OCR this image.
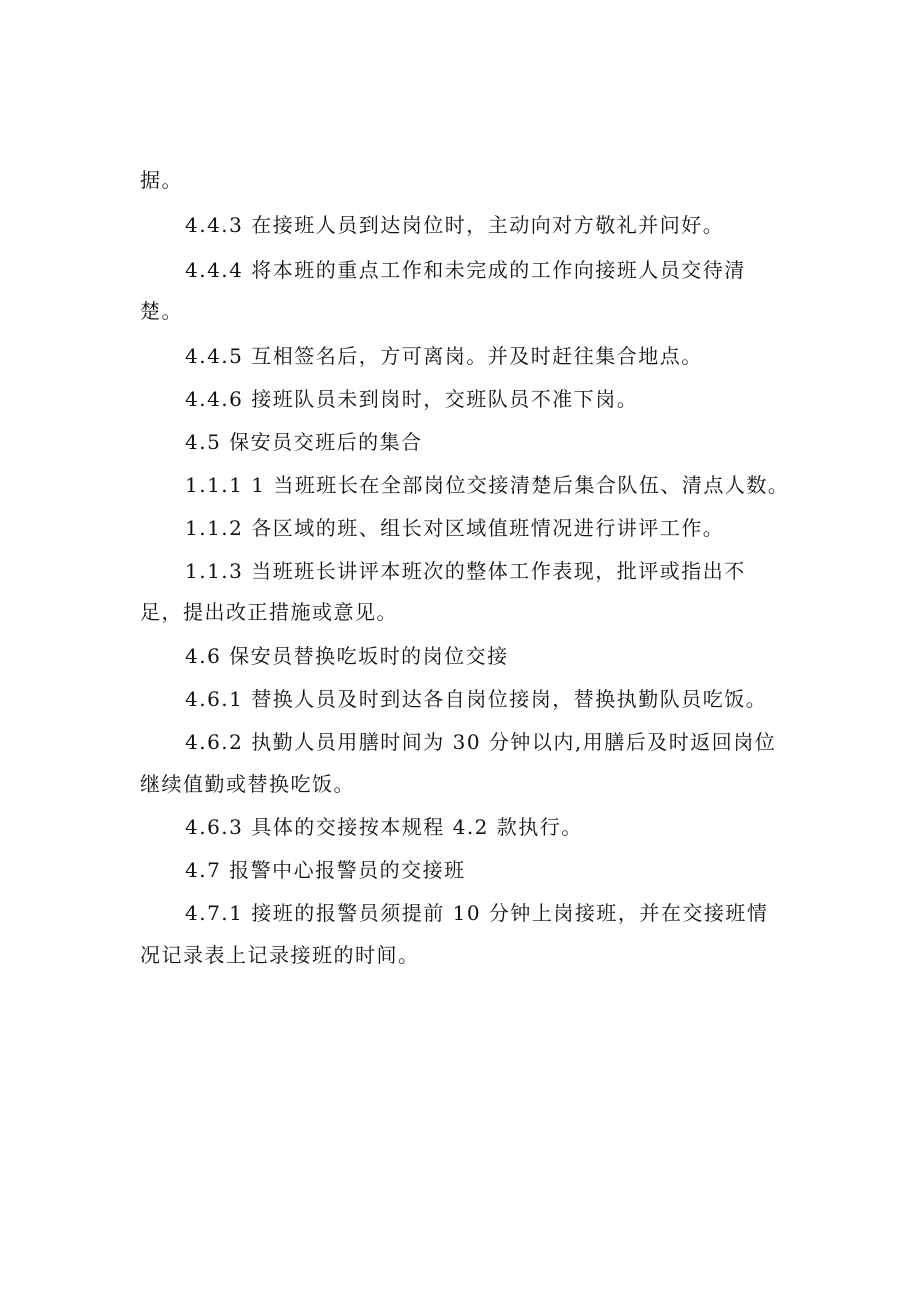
据。
4.4.3 在接班人员到达岗位时，主动向对方敬礼并问好。
4.4.4 将本班的重点工作和未完成的工作向接班人员交待清
楚。
4.4.5 互相签名后，方可离岗。并及时赶往集合地点。
4.4.6 接班队员未到岗时，交班队员不准下岗。
4.5 保安员交班后的集合
1.1.1 1 当班班长在全部岗位交接清楚后集合队伍、清点人数。
1.1.2 各区域的班、组长对区域值班情况进行讲评工作。
1.1.3 当班班长讲评本班次的整体工作表现，批评或指出不
足，提出改正措施或意见。
4.6 保安员替换吃坂时的岗位交接
4.6.1 替换人员及时到达各自岗位接岗，替换执勤队员吃饭。
4.6.2 执勤人员用膳时间为 30 分钟以内,用膳后及时返回岗位
继续值勤或替换吃饭。
4.6.3 具体的交接按本规程 4.2 款执行。
4.7 报警中心报警员的交接班
4.7.1 接班的报警员须提前 10 分钟上岗接班，并在交接班情
况记录表上记录接班的时间。
